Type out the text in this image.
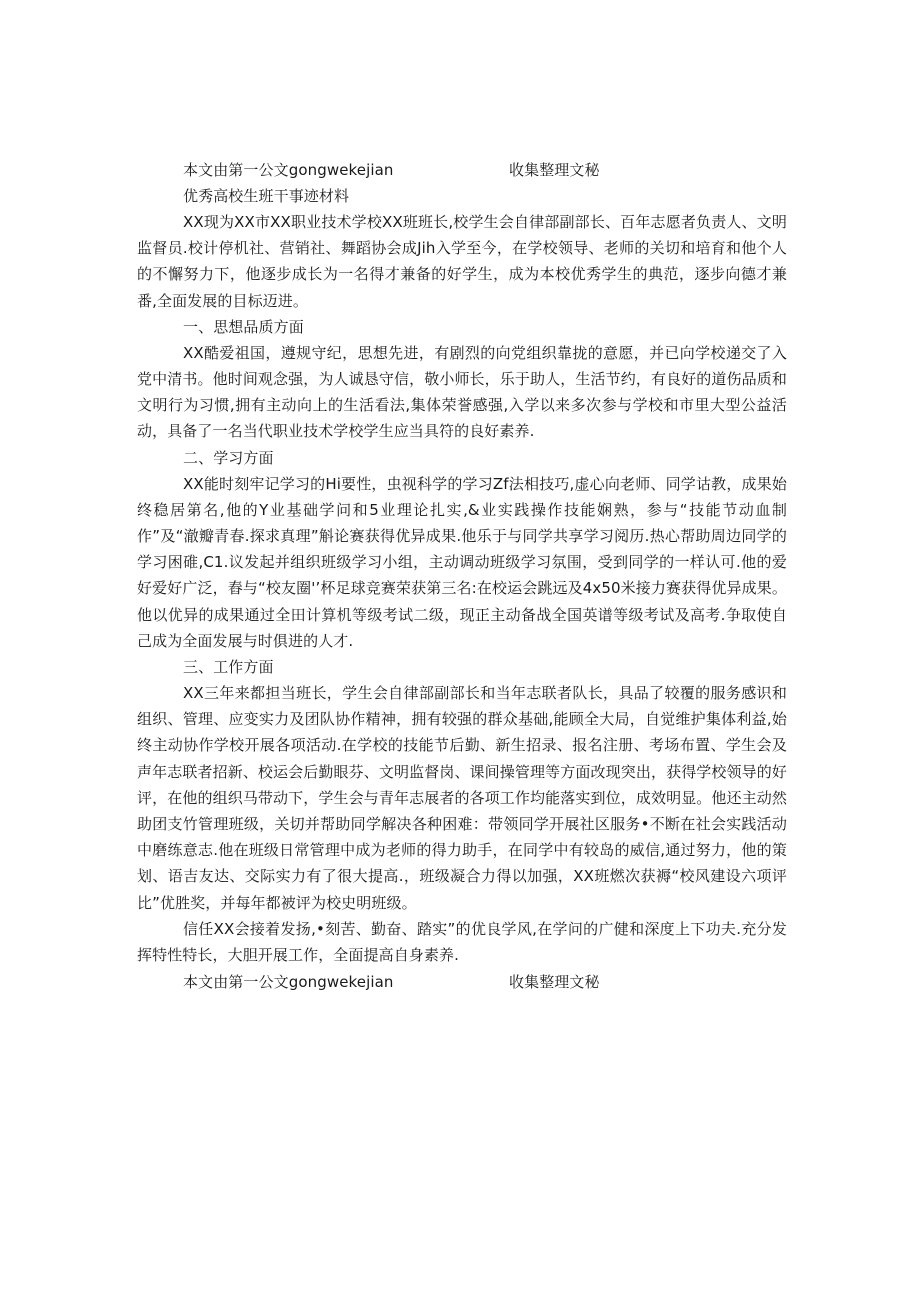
本文由第一公文gongwekejian	收集整理文秘
优秀高校生班干事迹材料

XX现为XX市XX职业技术学校XX班班长,校学生会自律部副部长、百年志愿者负责人、文明监督员.校计停机社、营销社、舞蹈协会成Jih入学至今，在学校领导、老师的关切和培育和他个人的不懈努力下，他逐步成长为一名得才兼备的好学生，成为本校优秀学生的典范，逐步向德才兼番,全面发展的目标迈进。

一、思想品质方面

XX酷爱祖国，遵规守纪，思想先进，有剧烈的向党组织靠拢的意愿，并已向学校递交了入党中清书。他时间观念强，为人诚恳守信，敬小师长，乐于助人，生活节约，有良好的道伤品质和文明行为习惯,拥有主动向上的生活看法,集体荣誉感强,入学以来多次参与学校和市里大型公益活动，具备了一名当代职业技术学校学生应当具符的良好素养.

二、学习方面

XX能时刻牢记学习的Hi要性，虫视科学的学习Zf法相技巧,虚心向老师、同学诂教，成果始终稳居第名,他的Y业基础学问和5业理论扎实,&业实践操作技能娴熟，参与“技能节动血制作”及“澈瓣青春.探求真理”斛论赛获得优异成果.他乐于与同学共享学习阅历.热心帮助周边同学的学习困碓,C1.议发起并组织班级学习小组，主动调动班级学习氛围，受到同学的一样认可.他的爱好爱好广泛，舂与“校友圈'’杯足球竞赛荣获第三名:在校运会跳远及4x50米接力赛获得优异成果。他以优异的成果通过全田计算机等级考试二级，现正主动备战全国英谱等级考试及高考.争取使自己成为全面发展与时俱进的人才.

三、工作方面

XX三年来都担当班长，学生会自律部副部长和当年志联者队长，具品了较覆的服务感识和组织、管理、应变实力及团队协作精神，拥有较强的群众基础,能顾全大局，自觉维护集体利益,始终主动协作学校开展各项活动.在学校的技能节后勤、新生招录、报名注册、考场布置、学生会及声年志联者招新、校运会后勤眼芬、文明监督岗、课间操管理等方面改现突出，获得学校领导的好评，在他的组织马带动下，学生会与青年志展者的各项工作均能落实到位，成效明显。他还主动然助团支竹管理班级，关切并帮助同学解决各种困难：带领同学开展社区服务•不断在社会实践活动中磨练意志.他在班级日常管理中成为老师的得力助手，在同学中有较岛的威信,通过努力，他的策划、语吉友达、交际实力有了很大提高.，班级凝合力得以加强，XX班燃次获褥“校风建设六项评比”优胜奖，并每年都被评为校史明班级。

信任XX会接着发扬,•刻苦、勤奋、踏实”的优良学风,在学问的广健和深度上下功夫.充分发挥特性特长，大胆开展工作，全面提高自身素养.

本文由第一公文gongwekejian	收集整理文秘
